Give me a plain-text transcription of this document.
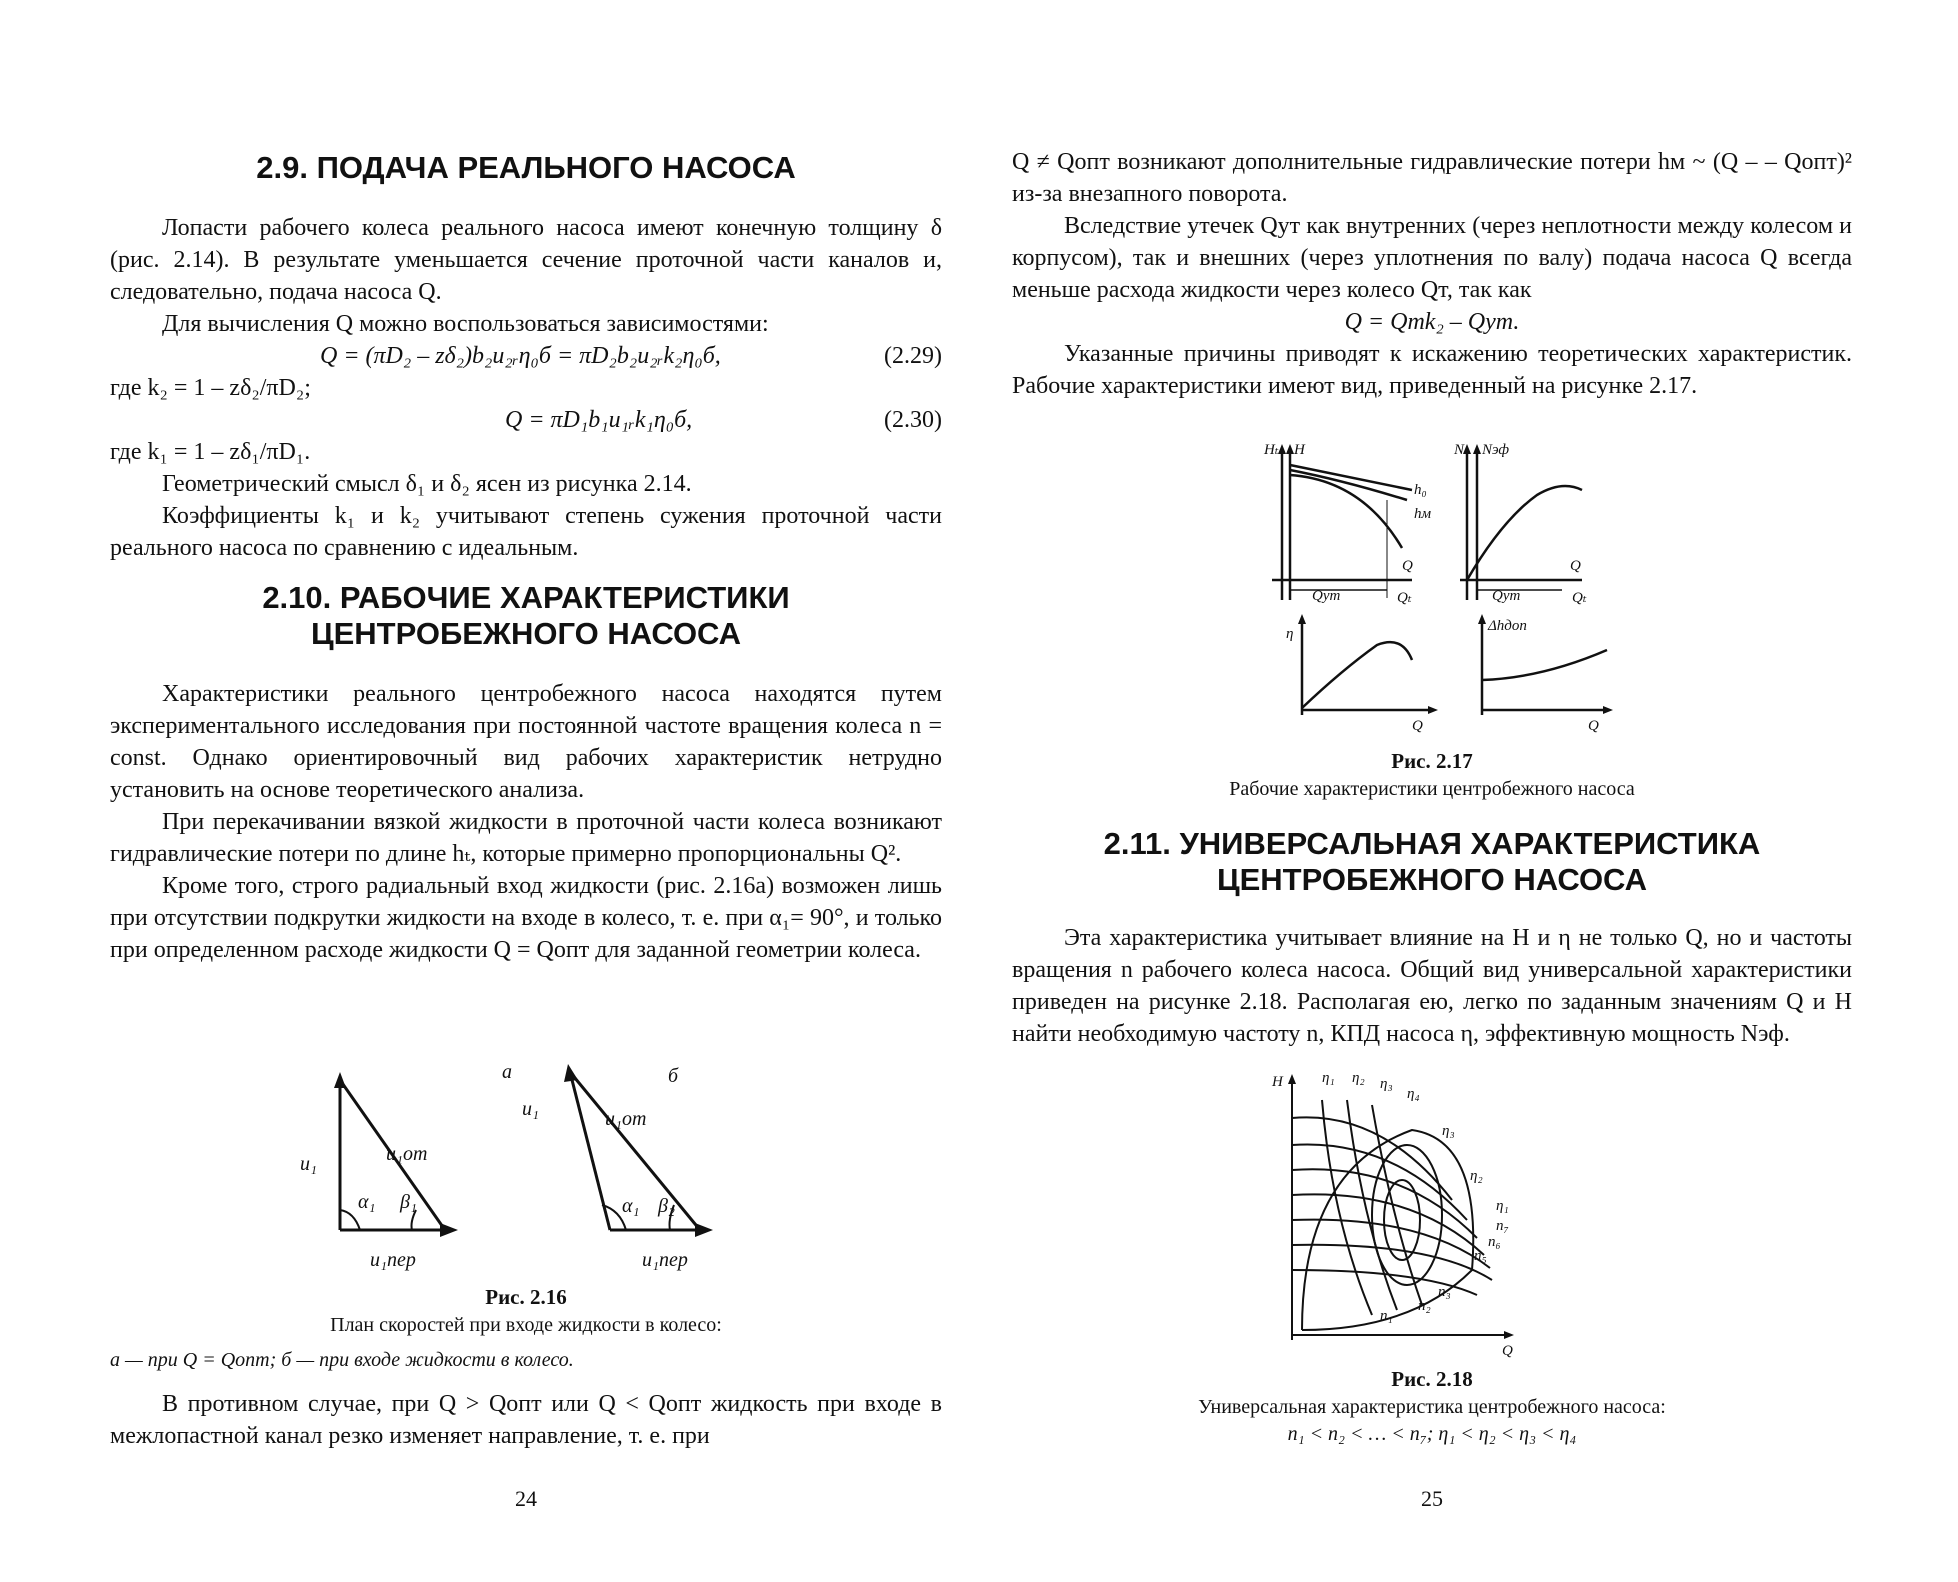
2.9. ПОДАЧА РЕАЛЬНОГО НАСОСА

Лопасти рабочего колеса реального насоса имеют конечную толщину δ (рис. 2.14). В результате уменьшается сечение проточной части каналов и, следовательно, подача насоса Q.

Для вычисления Q можно воспользоваться зависимостями:

Q = (πD₂ – zδ₂)b₂u₂ᵣη₀б = πD₂b₂u₂ᵣk₂η₀б,	(2.29)

где k₂ = 1 – zδ₂/πD₂;

Q = πD₁b₁u₁ᵣk₁η₀б,	(2.30)

где k₁ = 1 – zδ₁/πD₁.

Геометрический смысл δ₁ и δ₂ ясен из рисунка 2.14.

Коэффициенты k₁ и k₂ учитывают степень сужения проточной части реального насоса по сравнению с идеальным.

2.10. РАБОЧИЕ ХАРАКТЕРИСТИКИ
ЦЕНТРОБЕЖНОГО НАСОСА

Характеристики реального центробежного насоса находятся путем экспериментального исследования при постоянной частоте вращения колеса n = const. Однако ориентировочный вид рабочих характеристик нетрудно установить на основе теоретического анализа.

При перекачивании вязкой жидкости в проточной части колеса возникают гидравлические потери по длине hₜ, которые примерно пропорциональны Q².

Кроме того, строго радиальный вход жидкости (рис. 2.16а) возможен лишь при отсутствии подкрутки жидкости на входе в колесо, т. е. при α₁= 90°, и только при определенном расходе жидкости Q = Qопт для заданной геометрии колеса.

а	б
u₁
u₁
u₁от
u₁от
α₁ β₁	α₁ β₂
u₁пер	u₁пер
Рис. 2.16
План скоростей при входе жидкости в колесо:
а — при Q = Qопт; б — при входе жидкости в колесо.

В противном случае, при Q > Qопт или Q < Qопт жидкость при входе в межлопастной канал резко изменяет направление, т. е. при

24

Q ≠ Qопт возникают дополнительные гидравлические потери hм ~ (Q – – Qопт)² из-за внезапного поворота.

Вследствие утечек Qут как внутренних (через неплотности между колесом и корпусом), так и внешних (через уплотнения по валу) подача насоса Q всегда меньше расхода жидкости через колесо Qт, так как

Q = Qтk₂ – Qут.

Указанные причины приводят к искажению теоретических характеристик. Рабочие характеристики имеют вид, приведенный на рисунке 2.17.

Hₜ H
h₀
hм
Q
Qут	Qₜ
N Nэф
Q
Qут	Qₜ
η
Q
Δhдоп
Q
Рис. 2.17
Рабочие характеристики центробежного насоса
2.11. УНИВЕРСАЛЬНАЯ ХАРАКТЕРИСТИКА
ЦЕНТРОБЕЖНОГО НАСОСА

Эта характеристика учитывает влияние на H и η не только Q, но и частоты вращения n рабочего колеса насоса. Общий вид универсальной характеристики приведен на рисунке 2.18. Располагая ею, легко по заданным значениям Q и H найти необходимую частоту n, КПД насоса η, эффективную мощность Nэф.

H
Q
η₁ η₂ η₃
η₄
η₃
η₂
η₁
n₇
n₆
n₅
n₃
n₂
n₁
Рис. 2.18
Универсальная характеристика центробежного насоса:
n₁ < n₂ < … < n₇; η₁ < η₂ < η₃ < η₄
25
